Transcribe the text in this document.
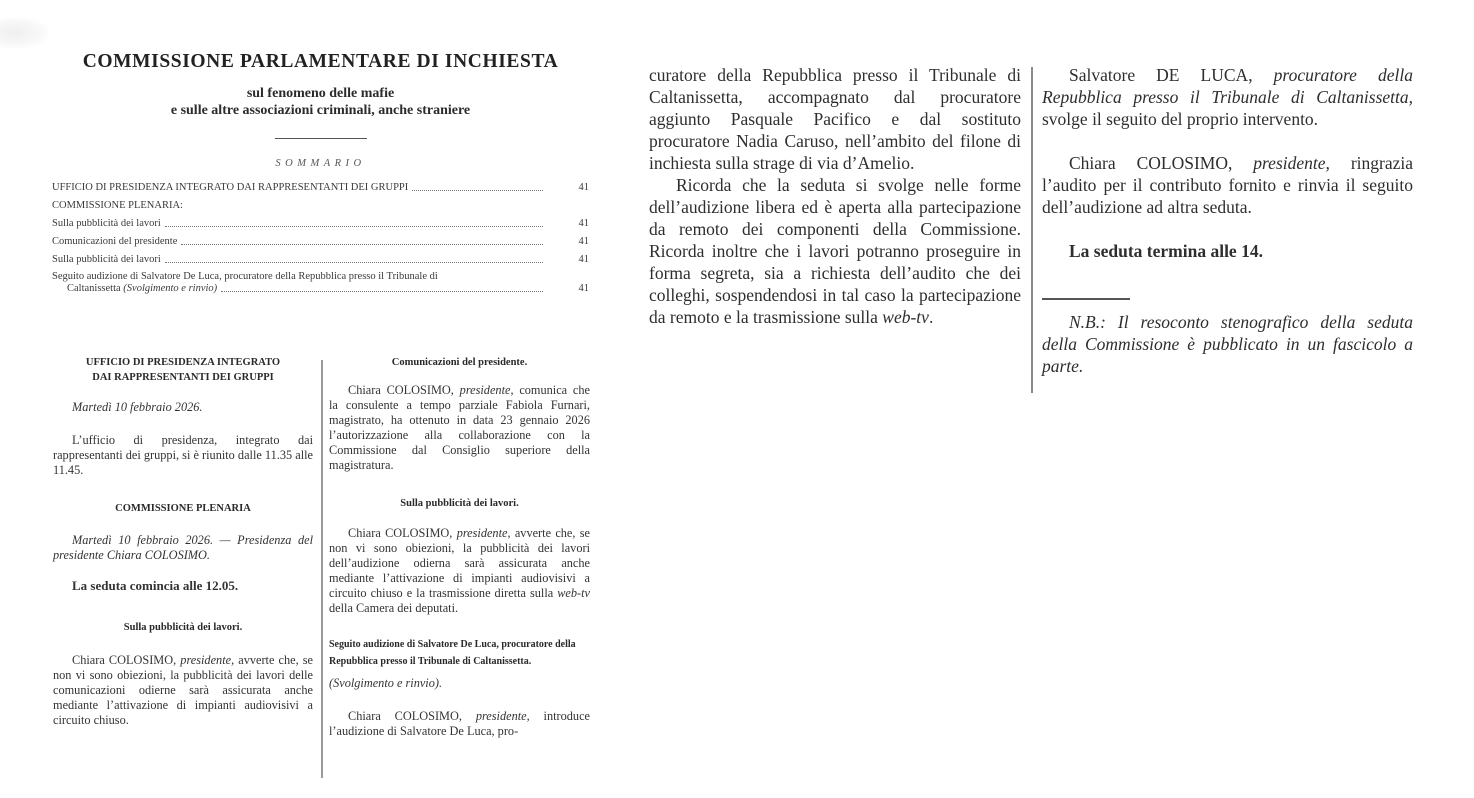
COMMISSIONE PARLAMENTARE DI INCHIESTA
sul fenomeno delle mafie
e sulle altre associazioni criminali, anche straniere
SOMMARIO
UFFICIO DI PRESIDENZA INTEGRATO DAI RAPPRESENTANTI DEI GRUPPI	41
COMMISSIONE PLENARIA:
Sulla pubblicità dei lavori	41
Comunicazioni del presidente	41
Sulla pubblicità dei lavori	41
Seguito audizione di Salvatore De Luca, procuratore della Repubblica presso il Tribunale di
Caltanissetta
(Svolgimento e rinvio)	41
UFFICIO DI PRESIDENZA INTEGRATO
DAI RAPPRESENTANTI DEI GRUPPI

Martedì 10 febbraio 2026.

L’ufficio di presidenza, integrato dai rappresentanti dei gruppi, si è riunito dalle 11.35 alle 11.45.

COMMISSIONE PLENARIA

Martedì 10 febbraio 2026. — Presidenza del presidente Chiara COLOSIMO.

La seduta comincia alle 12.05.

Sulla pubblicità dei lavori.

Chiara COLOSIMO, presidente, avverte che, se non vi sono obiezioni, la pubblicità dei lavori delle comunicazioni odierne sarà assicurata anche mediante l’attivazione di impianti audiovisivi a circuito chiuso.

Comunicazioni del presidente.

Chiara COLOSIMO, presidente, comunica che la consulente a tempo parziale Fabiola Furnari, magistrato, ha ottenuto in data 23 gennaio 2026 l’autorizzazione alla collaborazione con la Commissione dal Consiglio superiore della magistratura.

Sulla pubblicità dei lavori.

Chiara COLOSIMO, presidente, avverte che, se non vi sono obiezioni, la pubblicità dei lavori dell’audizione odierna sarà assicurata anche mediante l’attivazione di impianti audiovisivi a circuito chiuso e la trasmissione diretta sulla web-tv della Camera dei deputati.

Seguito audizione di Salvatore De Luca, procuratore della Repubblica presso il Tribunale di Caltanissetta.

(Svolgimento e rinvio).

Chiara COLOSIMO, presidente, introduce l’audizione di Salvatore De Luca, pro-

curatore della Repubblica presso il Tribunale di Caltanissetta, accompagnato dal procuratore aggiunto Pasquale Pacifico e dal sostituto procuratore Nadia Caruso, nell’ambito del filone di inchiesta sulla strage di via d’Amelio.

Ricorda che la seduta si svolge nelle forme dell’audizione libera ed è aperta alla partecipazione da remoto dei componenti della Commissione. Ricorda inoltre che i lavori potranno proseguire in forma segreta, sia a richiesta dell’audito che dei colleghi, sospendendosi in tal caso la partecipazione da remoto e la trasmissione sulla web-tv.

Salvatore DE LUCA, procuratore della Repubblica presso il Tribunale di Caltanissetta, svolge il seguito del proprio intervento.

Chiara COLOSIMO, presidente, ringrazia l’audito per il contributo fornito e rinvia il seguito dell’audizione ad altra seduta.

La seduta termina alle 14.

N.B.: Il resoconto stenografico della seduta della Commissione è pubblicato in un fascicolo a parte.
